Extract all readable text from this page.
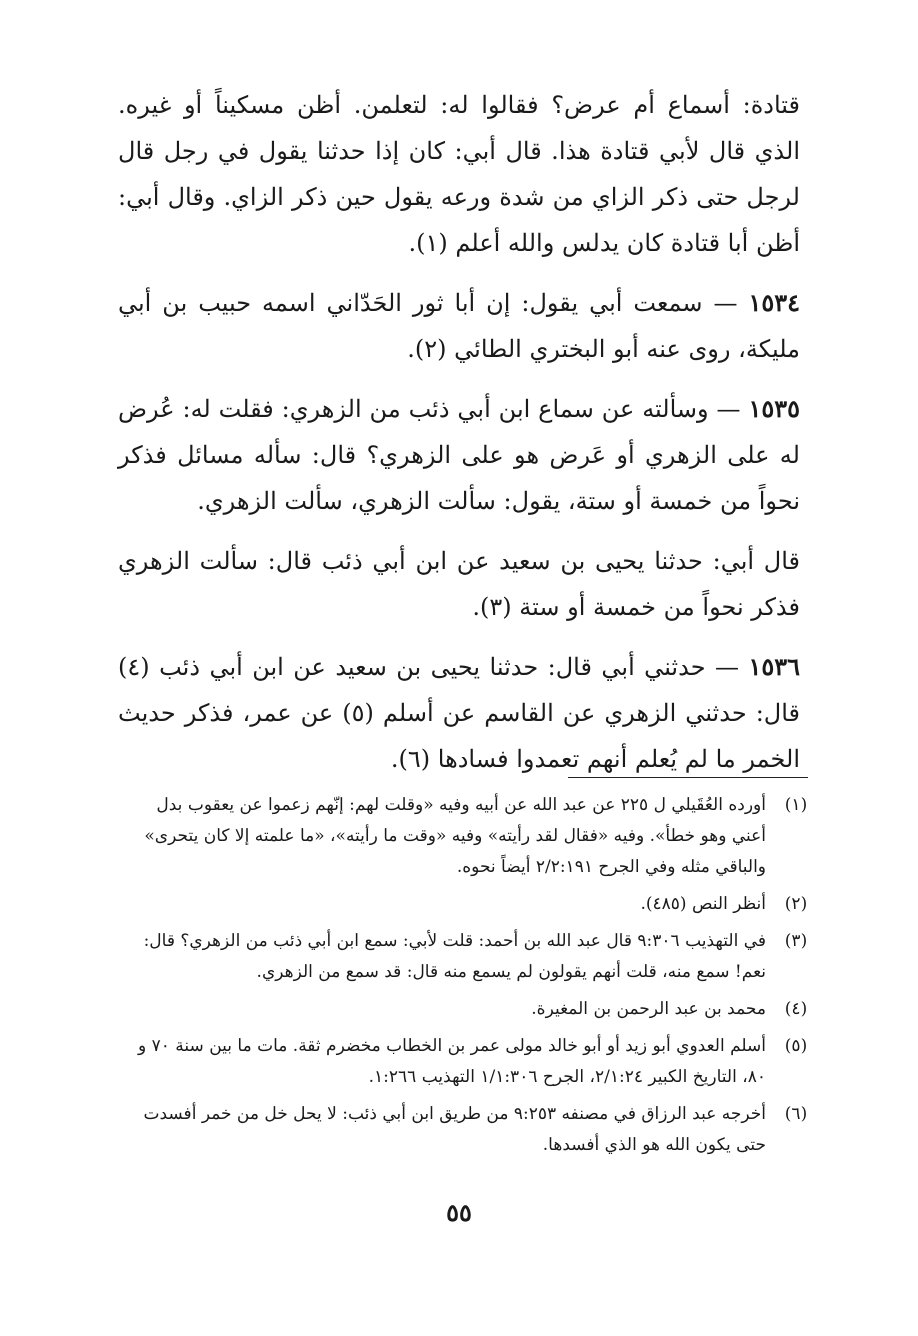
قتادة: أسماع أم عرض؟ فقالوا له: لتعلمن. أظن مسكيناً أو غيره. الذي قال لأبي قتادة هذا. قال أبي: كان إذا حدثنا يقول في رجل قال لرجل حتى ذكر الزاي من شدة ورعه يقول حين ذكر الزاي. وقال أبي: أظن أبا قتادة كان يدلس والله أعلم (١).

١٥٣٤ — سمعت أبي يقول: إن أبا ثور الحَدّاني اسمه حبيب بن أبي مليكة، روى عنه أبو البختري الطائي (٢).

١٥٣٥ — وسألته عن سماع ابن أبي ذئب من الزهري: فقلت له: عُرض له على الزهري أو عَرض هو على الزهري؟ قال: سأله مسائل فذكر نحواً من خمسة أو ستة، يقول: سألت الزهري، سألت الزهري.

قال أبي: حدثنا يحيى بن سعيد عن ابن أبي ذئب قال: سألت الزهري فذكر نحواً من خمسة أو ستة (٣).

١٥٣٦ — حدثني أبي قال: حدثنا يحيى بن سعيد عن ابن أبي ذئب (٤) قال: حدثني الزهري عن القاسم عن أسلم (٥) عن عمر، فذكر حديث الخمر ما لم يُعلم أنهم تعمدوا فسادها (٦).

(١)
أورده العُقَيلي ل ٢٢٥ عن عبد الله عن أبيه وفيه «وقلت لهم: إنّهم زعموا عن يعقوب بدل أعني وهو خطأ». وفيه «فقال لقد رأيته» وفيه «وقت ما رأيته»، «ما علمته إلا كان يتحرى» والباقي مثله وفي الجرح ٢/٢:١٩١ أيضاً نحوه.
(٢)
أنظر النص (٤٨٥).
(٣)
في التهذيب ٩:٣٠٦ قال عبد الله بن أحمد: قلت لأبي: سمع ابن أبي ذئب من الزهري؟ قال: نعم! سمع منه، قلت أنهم يقولون لم يسمع منه قال: قد سمع من الزهري.
(٤)
محمد بن عبد الرحمن بن المغيرة.
(٥)
أسلم العدوي أبو زيد أو أبو خالد مولى عمر بن الخطاب مخضرم ثقة. مات ما بين سنة ٧٠ و ٨٠، التاريخ الكبير ٢/١:٢٤، الجرح ١/١:٣٠٦ التهذيب ١:٢٦٦.
(٦)
أخرجه عبد الرزاق في مصنفه ٩:٢٥٣ من طريق ابن أبي ذئب: لا يحل خل من خمر أفسدت حتى يكون الله هو الذي أفسدها.
٥٥
